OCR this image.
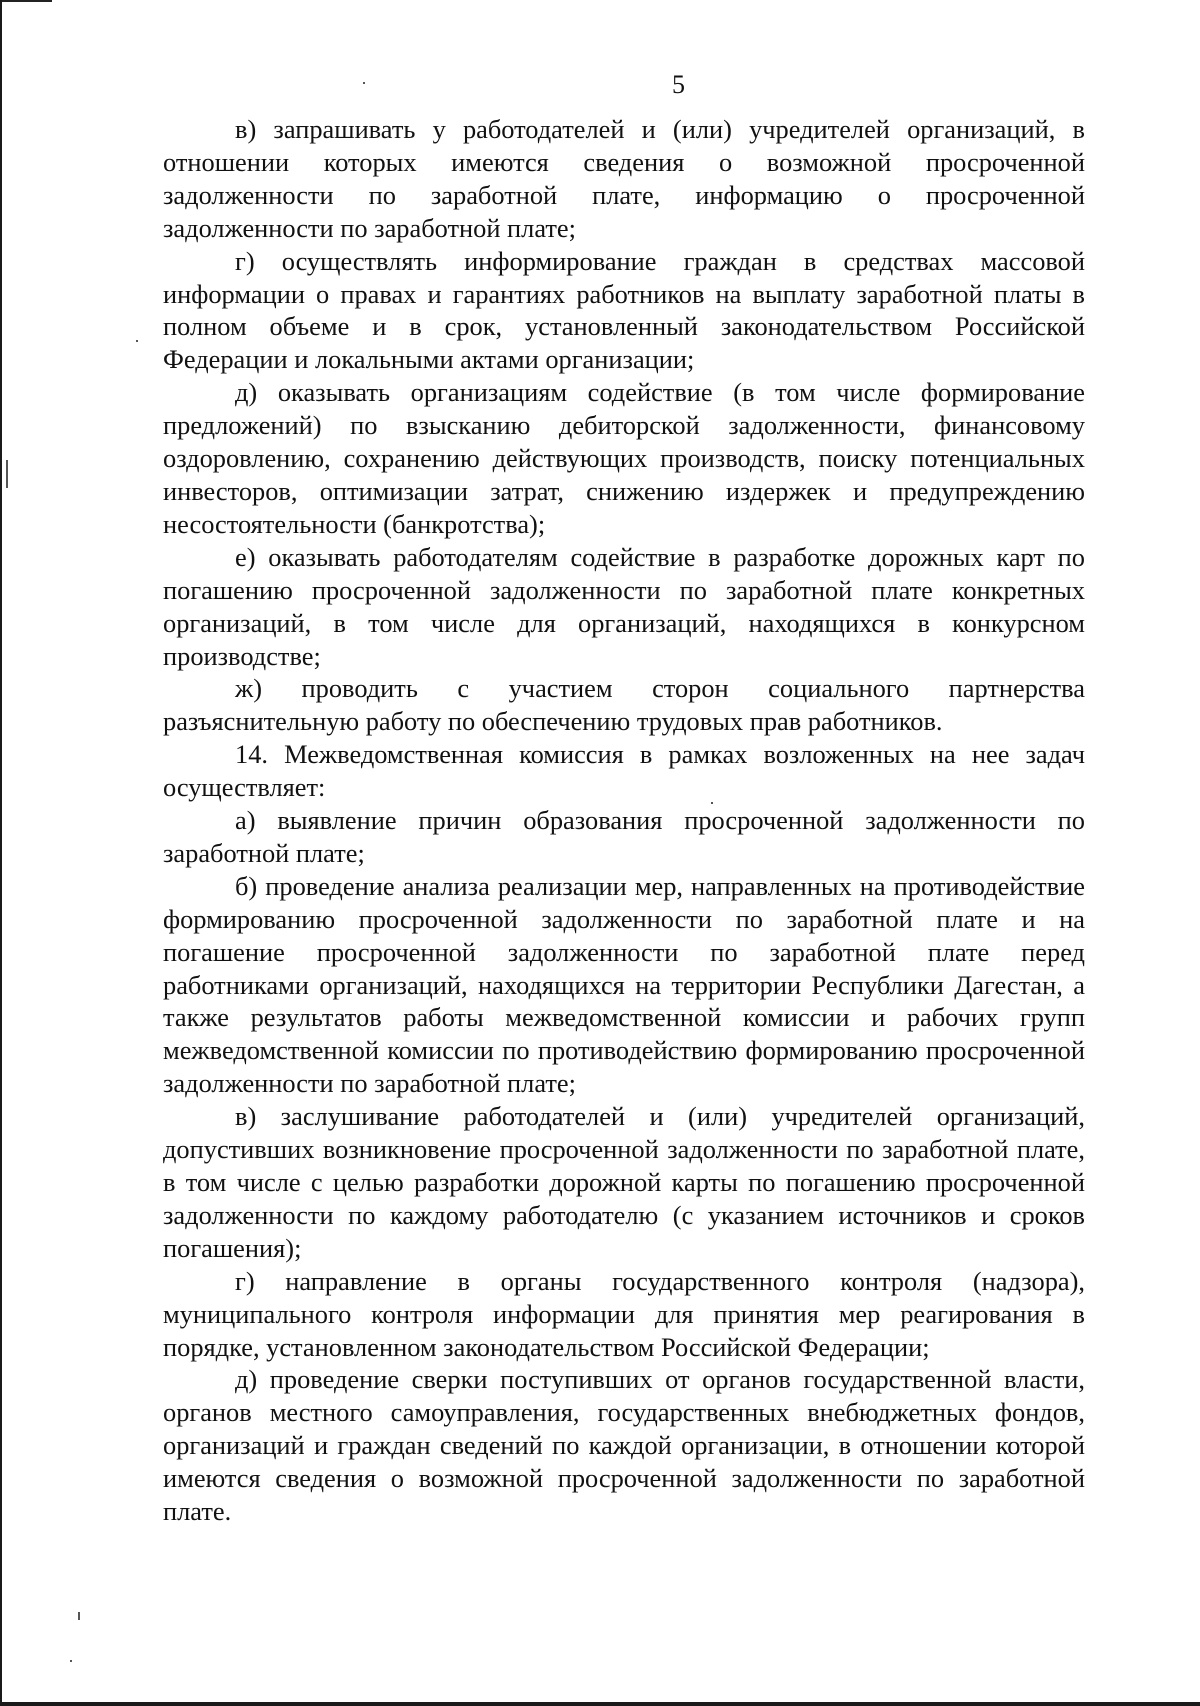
5

в) запрашивать у работодателей и (или) учредителей организаций, в отношении которых имеются сведения о возможной просроченной задолженности по заработной плате, информацию о просроченной задолженности по заработной плате;

г) осуществлять информирование граждан в средствах массовой информации о правах и гарантиях работников на выплату заработной платы в полном объеме и в срок, установленный законодательством Российской Федерации и локальными актами организации;

д) оказывать организациям содействие (в том числе формирование предложений) по взысканию дебиторской задолженности, финансовому оздоровлению, сохранению действующих производств, поиску потенциальных инвесторов, оптимизации затрат, снижению издержек и предупреждению несостоятельности (банкротства);

е) оказывать работодателям содействие в разработке дорожных карт по погашению просроченной задолженности по заработной плате конкретных организаций, в том числе для организаций, находящихся в конкурсном производстве;

ж) проводить с участием сторон социального партнерства разъяснительную работу по обеспечению трудовых прав работников.

14. Межведомственная комиссия в рамках возложенных на нее задач осуществляет:

а) выявление причин образования просроченной задолженности по заработной плате;

б) проведение анализа реализации мер, направленных на противодействие формированию просроченной задолженности по заработной плате и на погашение просроченной задолженности по заработной плате перед работниками организаций, находящихся на территории Республики Дагестан, а также результатов работы межведомственной комиссии и рабочих групп межведомственной комиссии по противодействию формированию просроченной задолженности по заработной плате;

в) заслушивание работодателей и (или) учредителей организаций, допустивших возникновение просроченной задолженности по заработной плате, в том числе с целью разработки дорожной карты по погашению просроченной задолженности по каждому работодателю (с указанием источников и сроков погашения);

г) направление в органы государственного контроля (надзора), муниципального контроля информации для принятия мер реагирования в порядке, установленном законодательством Российской Федерации;

д) проведение сверки поступивших от органов государственной власти, органов местного самоуправления, государственных внебюджетных фондов, организаций и граждан сведений по каждой организации, в отношении которой имеются сведения о возможной просроченной задолженности по заработной плате.
